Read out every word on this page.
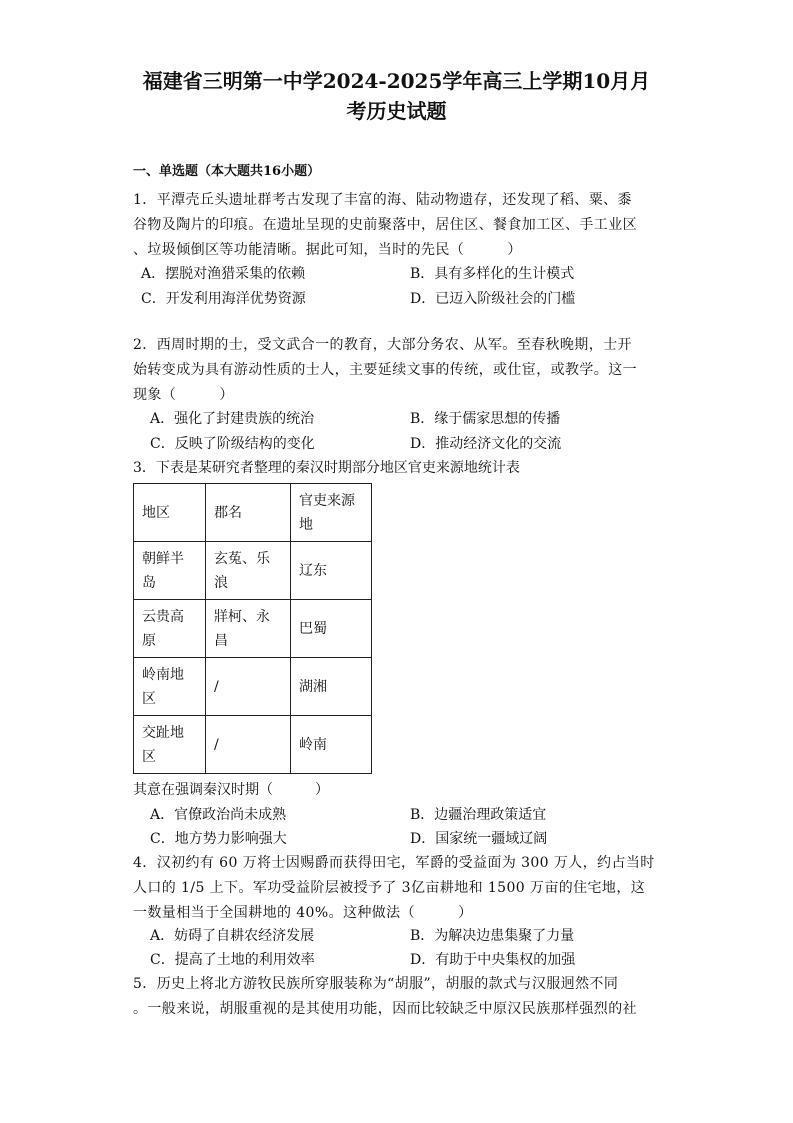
福建省三明第一中学2024-2025学年高三上学期10月月
考历史试题
一、单选题（本大题共16小题）
1．平潭壳丘头遗址群考古发现了丰富的海、陆动物遗存，还发现了稻、粟、黍
谷物及陶片的印痕。在遗址呈现的史前聚落中，居住区、餐食加工区、手工业区
、垃圾倾倒区等功能清晰。据此可知，当时的先民（　　　）
A．摆脱对渔猎采集的依赖	B．具有多样化的生计模式
C．开发利用海洋优势资源	D．已迈入阶级社会的门槛
2．西周时期的士，受文武合一的教育，大部分务农、从军。至春秋晚期，士开
始转变成为具有游动性质的士人，主要延续文事的传统，或仕宦，或教学。这一
现象（　　　）
A．强化了封建贵族的统治	B．缘于儒家思想的传播
C．反映了阶级结构的变化	D．推动经济文化的交流
3．下表是某研究者整理的秦汉时期部分地区官吏来源地统计表
地区	郡名	官吏来源地
朝鲜半岛	玄菟、乐浪	辽东
云贵高原	牂柯、永昌	巴蜀
岭南地区	/	湖湘
交趾地区	/	岭南
其意在强调秦汉时期（　　　）
A．官僚政治尚未成熟	B．边疆治理政策适宜
C．地方势力影响强大	D．国家统一疆域辽阔
4．汉初约有 60 万将士因赐爵而获得田宅，军爵的受益面为 300 万人，约占当时
人口的 1/5 上下。军功受益阶层被授予了 3亿亩耕地和 1500 万亩的住宅地，这
一数量相当于全国耕地的 40%。这种做法（　　　）
A．妨碍了自耕农经济发展	B．为解决边患集聚了力量
C．提高了土地的利用效率	D．有助于中央集权的加强
5．历史上将北方游牧民族所穿服装称为“胡服”，胡服的款式与汉服迥然不同
。一般来说，胡服重视的是其使用功能，因而比较缺乏中原汉民族那样强烈的社
